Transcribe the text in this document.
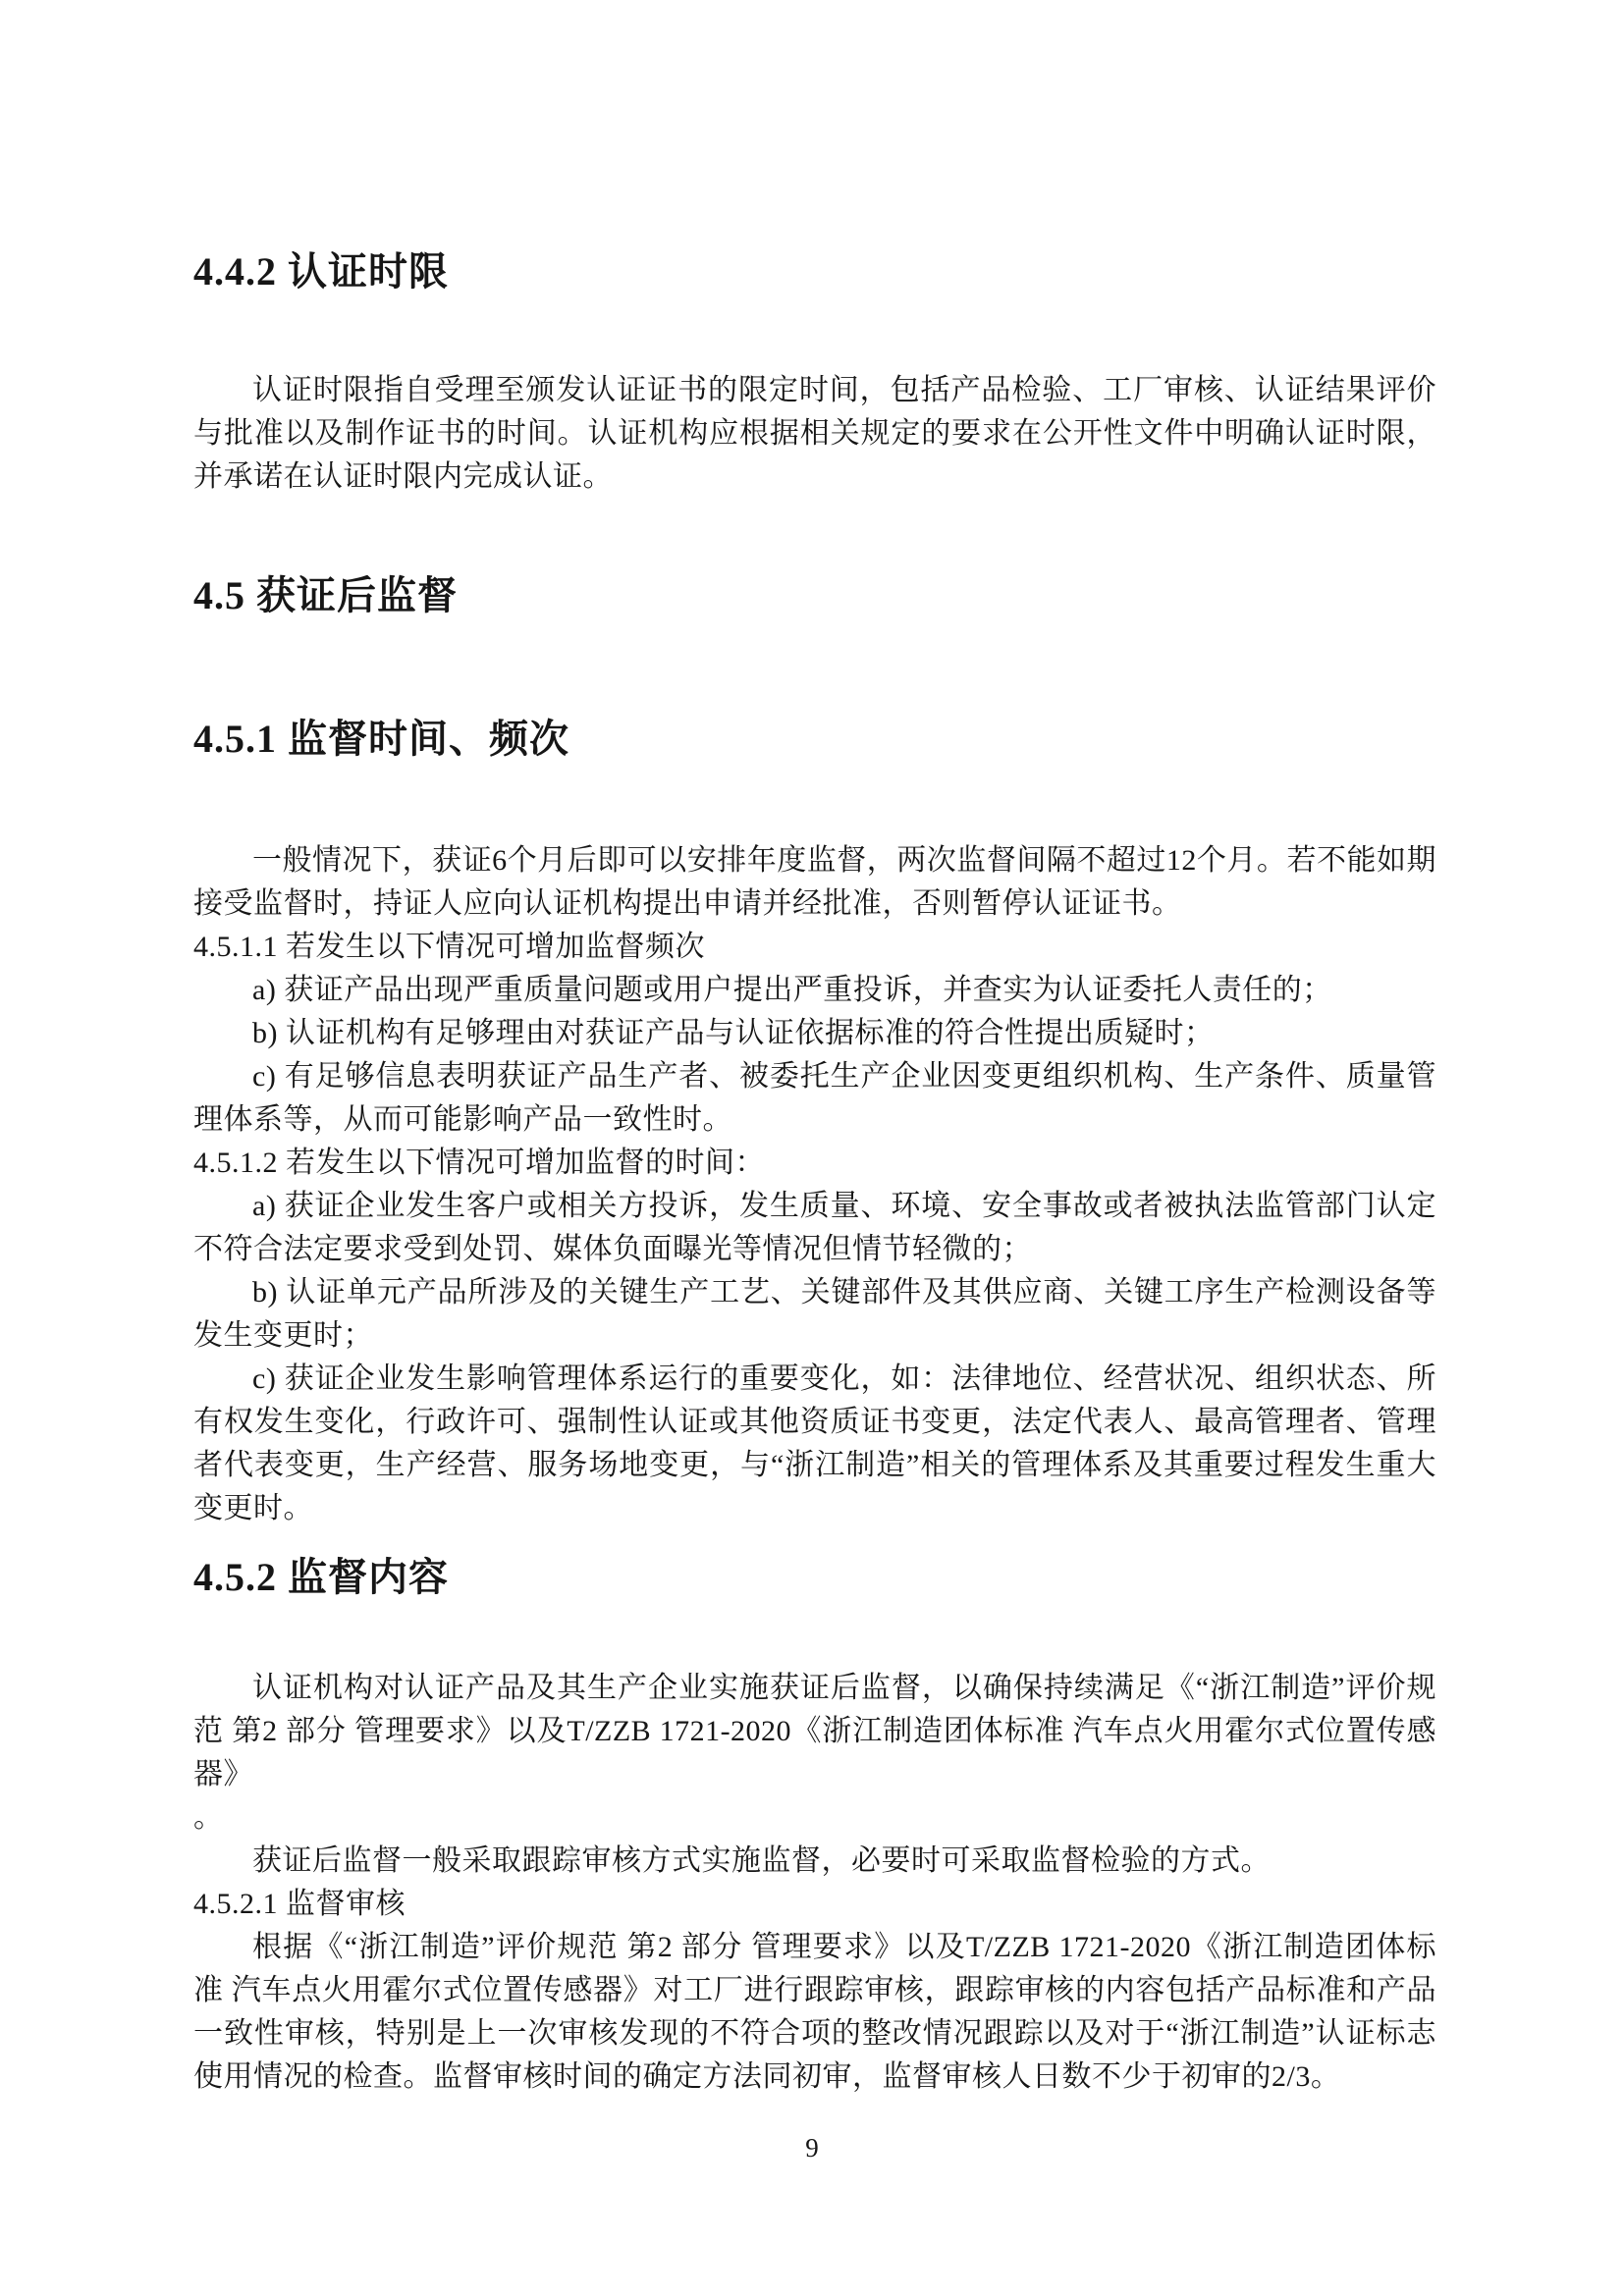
4.4.2 认证时限

认证时限指自受理至颁发认证证书的限定时间，包括产品检验、工厂审核、认证结果评价与批准以及制作证书的时间。认证机构应根据相关规定的要求在公开性文件中明确认证时限，并承诺在认证时限内完成认证。

4.5 获证后监督
4.5.1 监督时间、频次

一般情况下，获证6个月后即可以安排年度监督，两次监督间隔不超过12个月。若不能如期接受监督时，持证人应向认证机构提出申请并经批准，否则暂停认证证书。

4.5.1.1 若发生以下情况可增加监督频次

a) 获证产品出现严重质量问题或用户提出严重投诉，并查实为认证委托人责任的；

b) 认证机构有足够理由对获证产品与认证依据标准的符合性提出质疑时；

c) 有足够信息表明获证产品生产者、被委托生产企业因变更组织机构、生产条件、质量管理体系等，从而可能影响产品一致性时。

4.5.1.2 若发生以下情况可增加监督的时间：

a) 获证企业发生客户或相关方投诉，发生质量、环境、安全事故或者被执法监管部门认定不符合法定要求受到处罚、媒体负面曝光等情况但情节轻微的；

b) 认证单元产品所涉及的关键生产工艺、关键部件及其供应商、关键工序生产检测设备等发生变更时；

c) 获证企业发生影响管理体系运行的重要变化，如：法律地位、经营状况、组织状态、所有权发生变化，行政许可、强制性认证或其他资质证书变更，法定代表人、最高管理者、管理者代表变更，生产经营、服务场地变更，与“浙江制造”相关的管理体系及其重要过程发生重大变更时。

4.5.2 监督内容

认证机构对认证产品及其生产企业实施获证后监督，以确保持续满足《“浙江制造”评价规范 第2 部分 管理要求》以及T/ZZB 1721-2020《浙江制造团体标准 汽车点火用霍尔式位置传感器》

。

获证后监督一般采取跟踪审核方式实施监督，必要时可采取监督检验的方式。

4.5.2.1 监督审核

根据《“浙江制造”评价规范 第2 部分 管理要求》以及T/ZZB 1721-2020《浙江制造团体标准 汽车点火用霍尔式位置传感器》对工厂进行跟踪审核，跟踪审核的内容包括产品标准和产品一致性审核，特别是上一次审核发现的不符合项的整改情况跟踪以及对于“浙江制造”认证标志使用情况的检查。监督审核时间的确定方法同初审，监督审核人日数不少于初审的2/3。

9
